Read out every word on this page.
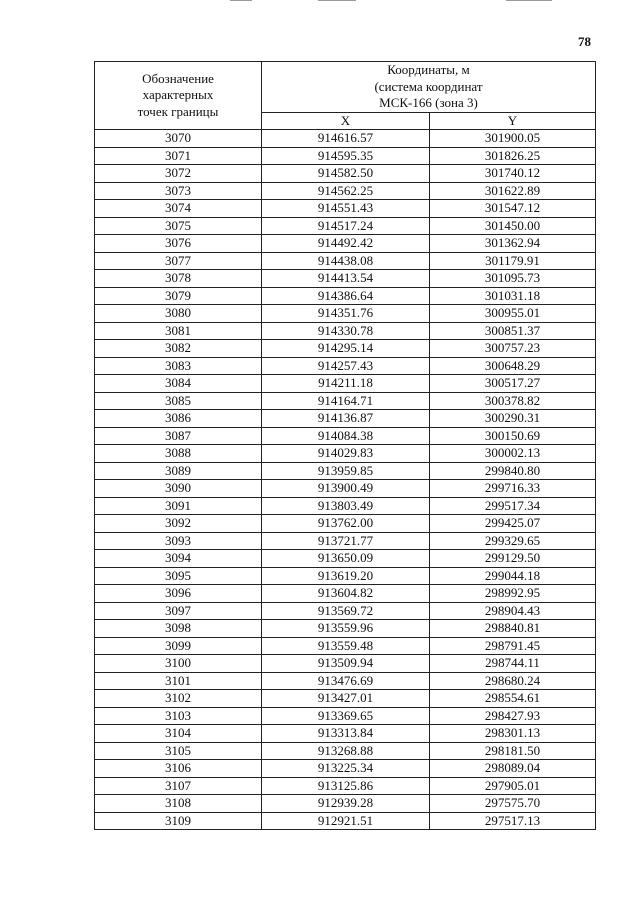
78
Обозначение
характерных
точек границы	Координаты, м
(система координат
МСК-166 (зона 3)	

	X	Y
3070	914616.57	301900.05
3071	914595.35	301826.25
3072	914582.50	301740.12
3073	914562.25	301622.89
3074	914551.43	301547.12
3075	914517.24	301450.00
3076	914492.42	301362.94
3077	914438.08	301179.91
3078	914413.54	301095.73
3079	914386.64	301031.18
3080	914351.76	300955.01
3081	914330.78	300851.37
3082	914295.14	300757.23
3083	914257.43	300648.29
3084	914211.18	300517.27
3085	914164.71	300378.82
3086	914136.87	300290.31
3087	914084.38	300150.69
3088	914029.83	300002.13
3089	913959.85	299840.80
3090	913900.49	299716.33
3091	913803.49	299517.34
3092	913762.00	299425.07
3093	913721.77	299329.65
3094	913650.09	299129.50
3095	913619.20	299044.18
3096	913604.82	298992.95
3097	913569.72	298904.43
3098	913559.96	298840.81
3099	913559.48	298791.45
3100	913509.94	298744.11
3101	913476.69	298680.24
3102	913427.01	298554.61
3103	913369.65	298427.93
3104	913313.84	298301.13
3105	913268.88	298181.50
3106	913225.34	298089.04
3107	913125.86	297905.01
3108	912939.28	297575.70
3109	912921.51	297517.13
